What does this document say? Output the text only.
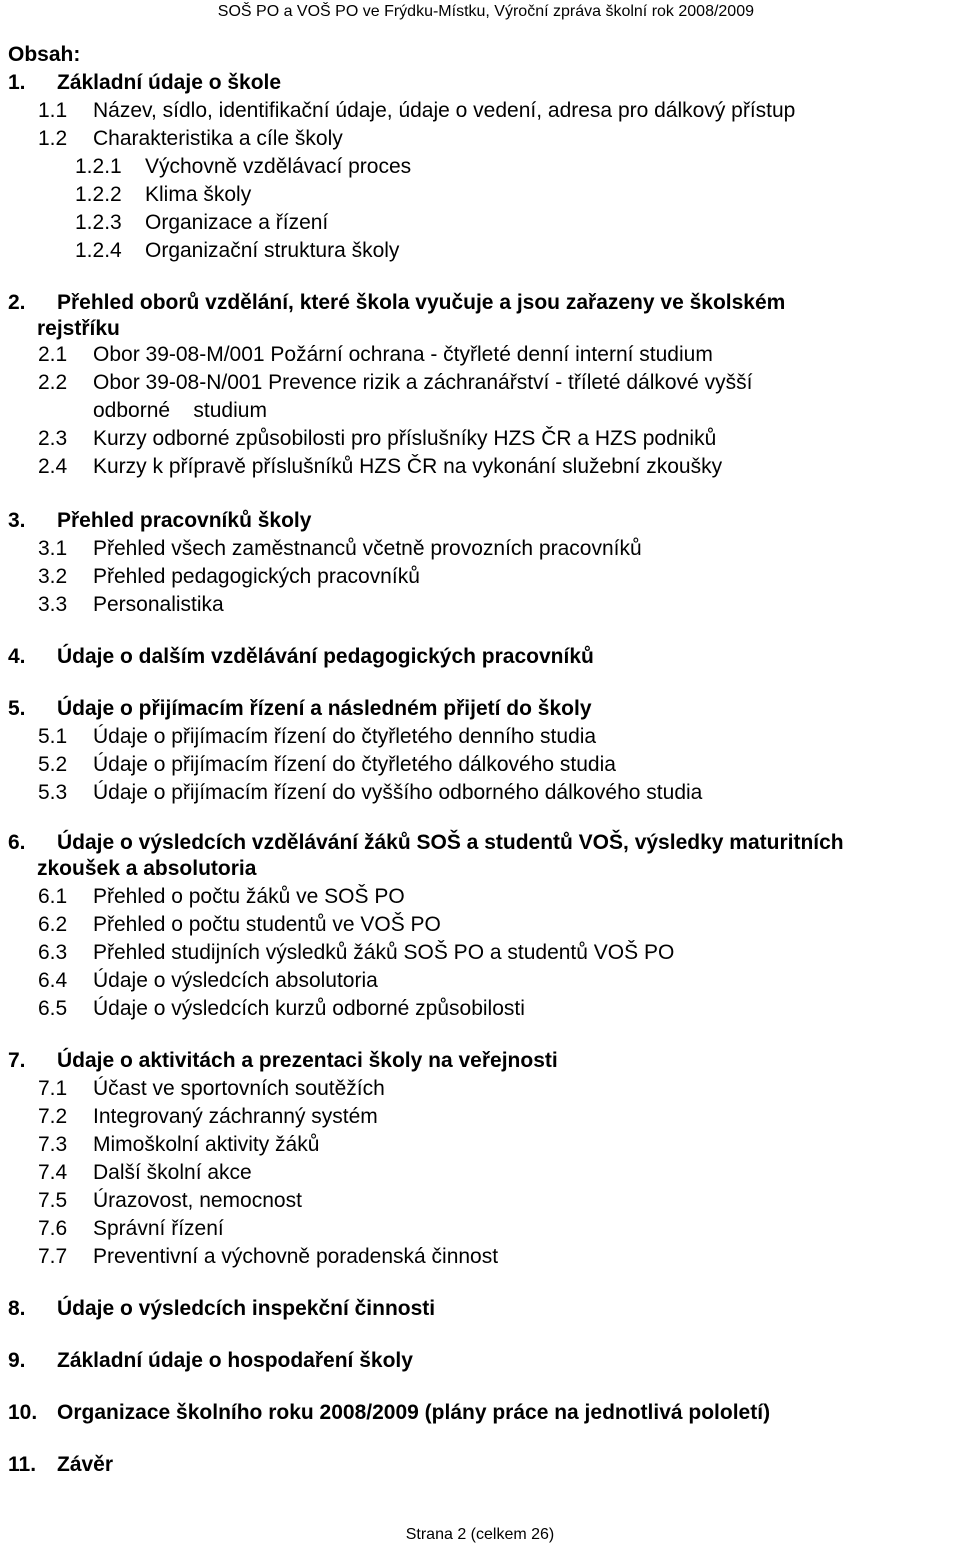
SOŠ PO a VOŠ PO ve Frýdku-Místku, Výroční zpráva školní rok 2008/2009
Obsah:
1. Základní údaje o škole
1.1 Název, sídlo, identifikační údaje, údaje o vedení, adresa pro dálkový přístup
1.2 Charakteristika a cíle školy
1.2.1 Výchovně vzdělávací proces
1.2.2 Klima školy
1.2.3 Organizace a řízení
1.2.4 Organizační struktura školy
2. Přehled oborů vzdělání, které škola vyučuje a jsou zařazeny ve školském
rejstříku
2.1 Obor 39-08-M/001 Požární ochrana - čtyřleté denní interní studium
2.2 Obor 39-08-N/001 Prevence rizik a záchranářství - tříleté dálkové vyšší
odborné    studium
2.3 Kurzy odborné způsobilosti pro příslušníky HZS ČR a HZS podniků
2.4 Kurzy k přípravě příslušníků HZS ČR na vykonání služební zkoušky
3. Přehled pracovníků školy
3.1 Přehled všech zaměstnanců včetně provozních pracovníků
3.2 Přehled pedagogických pracovníků
3.3 Personalistika
4. Údaje o dalším vzdělávání pedagogických pracovníků
5. Údaje o přijímacím řízení a následném přijetí do školy
5.1 Údaje o přijímacím řízení do čtyřletého denního studia
5.2 Údaje o přijímacím řízení do čtyřletého dálkového studia
5.3 Údaje o přijímacím řízení do vyššího odborného dálkového studia
6. Údaje o výsledcích vzdělávání žáků SOŠ a studentů VOŠ, výsledky maturitních
zkoušek a absolutoria
6.1 Přehled o počtu žáků ve SOŠ PO
6.2 Přehled o počtu studentů ve VOŠ PO
6.3 Přehled studijních výsledků žáků SOŠ PO a studentů VOŠ PO
6.4 Údaje o výsledcích absolutoria
6.5 Údaje o výsledcích kurzů odborné způsobilosti
7. Údaje o aktivitách a prezentaci školy na veřejnosti
7.1 Účast ve sportovních soutěžích
7.2 Integrovaný záchranný systém
7.3 Mimoškolní aktivity žáků
7.4 Další školní akce
7.5 Úrazovost, nemocnost
7.6 Správní řízení
7.7 Preventivní a výchovně poradenská činnost
8. Údaje o výsledcích inspekční činnosti
9. Základní údaje o hospodaření školy
10. Organizace školního roku 2008/2009 (plány práce na jednotlivá pololetí)
11. Závěr
Strana 2 (celkem 26)
